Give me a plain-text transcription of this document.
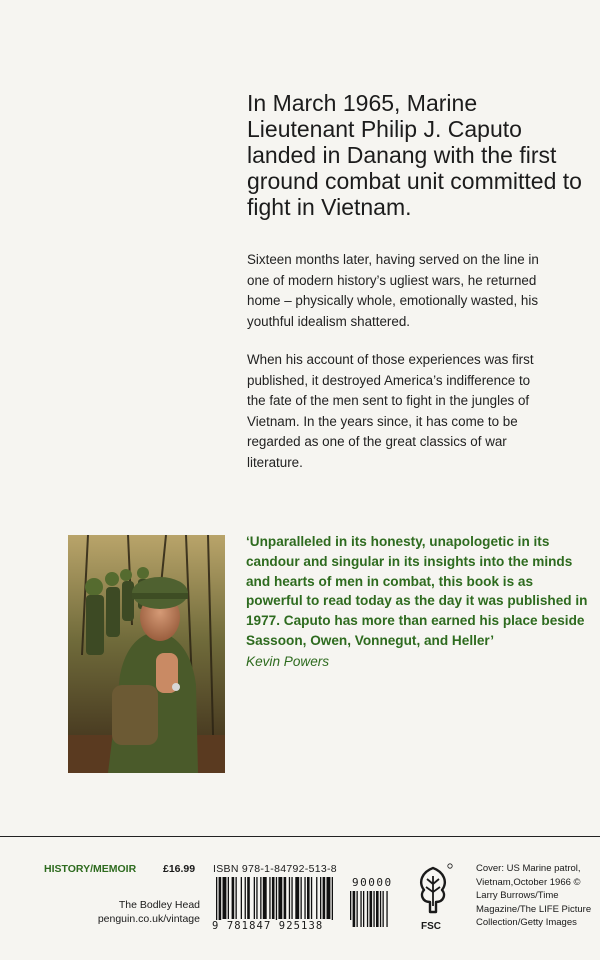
In March 1965, Marine Lieutenant Philip J. Caputo landed in Danang with the first ground combat unit committed to fight in Vietnam.

Sixteen months later, having served on the line in one of modern history’s ugliest wars, he returned home – physically whole, emotionally wasted, his youthful idealism shattered.

When his account of those experiences was first published, it destroyed America’s indifference to the fate of the men sent to fight in the jungles of Vietnam. In the years since, it has come to be regarded as one of the great classics of war literature.

‘Unparalleled in its honesty, unapologetic in its candour and singular in its insights into the minds and hearts of men in combat, this book is as powerful to read today as the day it was published in 1977. Caputo has more than earned his place beside Sassoon, Owen, Vonnegut, and Heller’

Kevin Powers

HISTORY/MEMOIR	£16.99
The Bodley Head
penguin.co.uk/vintage
ISBN 978-1-84792-513-8
9 781847 925138
90000
FSC
Cover: US Marine patrol, Vietnam,October 1966 © Larry Burrows/Time Magazine/The LIFE Picture Collection/Getty Images
